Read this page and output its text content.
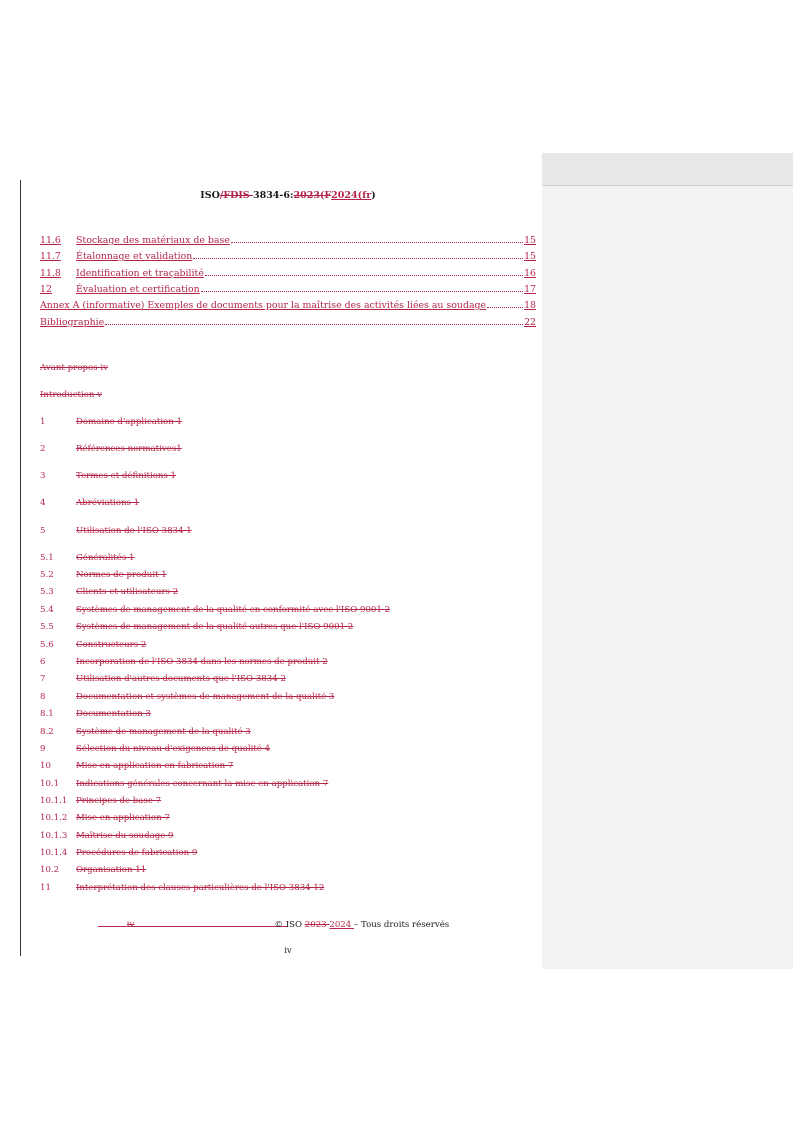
ISO/FDIS 3834-6:2023(F2024(fr)
11.6	Stockage des matériaux de base	15
11.7	Étalonnage et validation	15
11.8	Identification et traçabilité	16
12	Évaluation et certification	17
Annex A (informative) Exemples de documents pour la maîtrise des activités liées au soudage	18
Bibliographie	22
Avant-propos iv
Introduction v
1	Domaine d'application 1
2	Références normatives1
3	Termes et définitions 1
4	Abréviations 1
5	Utilisation de l'ISO 3834 1
5.1	Généralités 1
5.2	Normes de produit 1
5.3	Clients et utilisateurs 2
5.4	Systèmes de management de la qualité en conformité avec l'ISO 9001 2
5.5	Systèmes de management de la qualité autres que l'ISO 9001 2
5.6	Constructeurs 2
6	Incorporation de l'ISO 3834 dans les normes de produit 2
7	Utilisation d'autres documents que l'ISO 3834 2
8	Documentation et systèmes de management de la qualité 3
8.1	Documentation 3
8.2	Système de management de la qualité 3
9	Sélection du niveau d'exigences de qualité 4
10	Mise en application en fabrication 7
10.1 Indications générales concernant la mise en application 7
10.1.1 Principes de base 7
10.1.2 Mise en application 7
10.1.3 Maîtrise du soudage 9
10.1.4 Procédures de fabrication 9
10.2 Organisation 11
11	Interprétation des clauses particulières de l'ISO 3834 12
iv	© ISO 2023 2024 – Tous droits réservés
iv
